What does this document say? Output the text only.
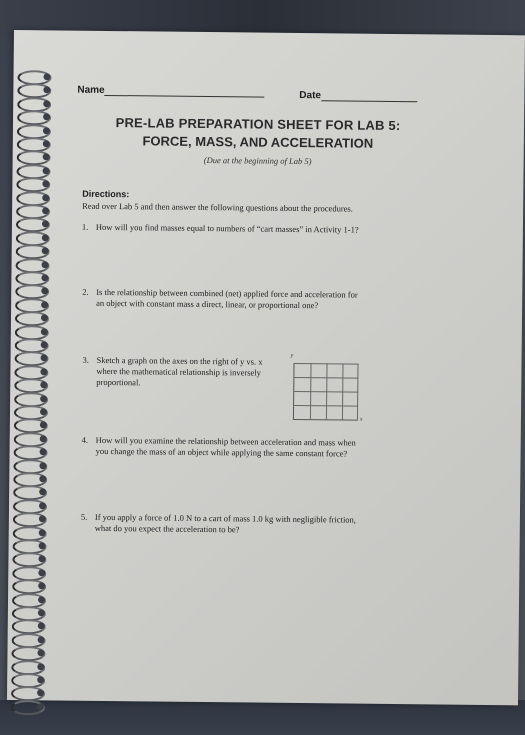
Name	Date
PRE-LAB PREPARATION SHEET FOR LAB 5:
FORCE, MASS, AND ACCELERATION
(Due at the beginning of Lab 5)
Directions:
Read over Lab 5 and then answer the following questions about the procedures.
1. How will you find masses equal to numbers of “cart masses” in Activity 1-1?
2. Is the relationship between combined (net) applied force and acceleration for
an object with constant mass a direct, linear, or proportional one?
3. Sketch a graph on the axes on the right of y vs. x
where the mathematical relationship is inversely
proportional.
y
x
4. How will you examine the relationship between acceleration and mass when
you change the mass of an object while applying the same constant force?
5. If you apply a force of 1.0 N to a cart of mass 1.0 kg with negligible friction,
what do you expect the acceleration to be?
